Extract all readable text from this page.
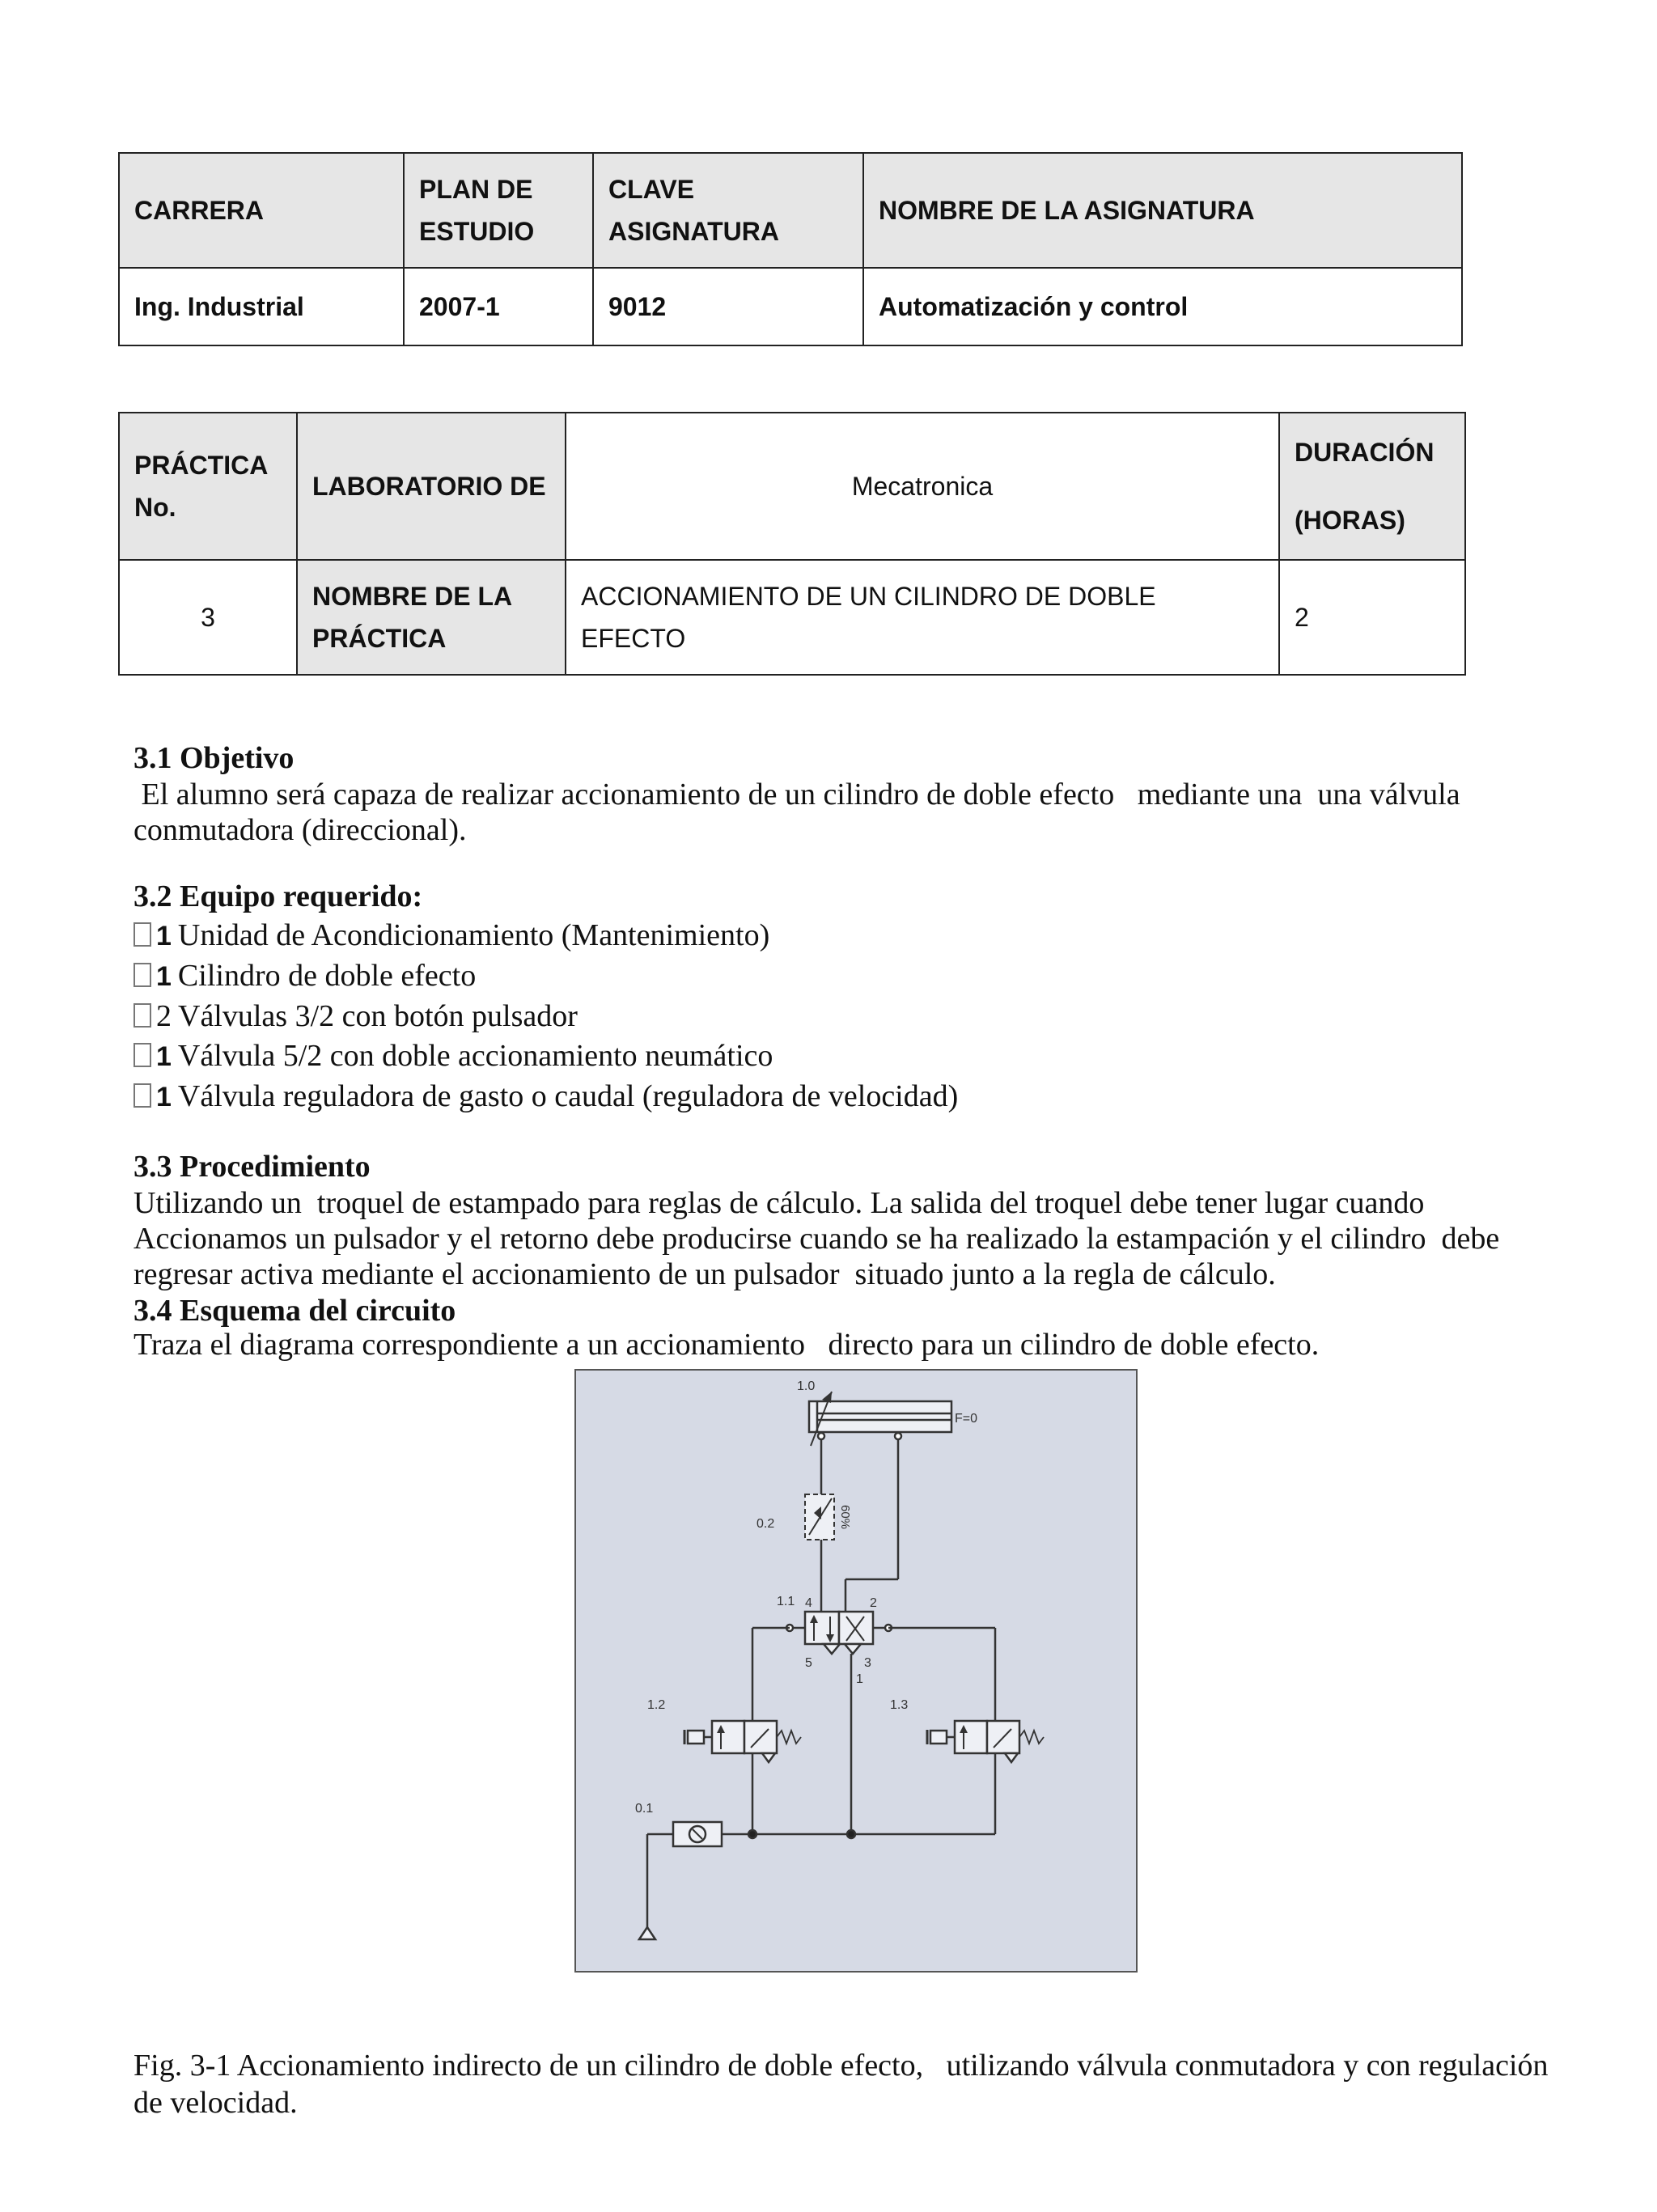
CARRERA	PLAN DE ESTUDIO	CLAVE ASIGNATURA	NOMBRE DE LA ASIGNATURA
Ing. Industrial	2007-1	9012	Automatización y control
PRÁCTICA No.	LABORATORIO DE	Mecatronica	DURACIÓN
(HORAS)

3	NOMBRE DE LA PRÁCTICA	ACCIONAMIENTO DE UN CILINDRO DE DOBLE EFECTO	2
3.1 Objetivo

El alumno será capaza de realizar accionamiento de un cilindro de doble efecto   mediante una  una válvula conmutadora (direccional).

3.2 Equipo requerido:
1 Unidad de Acondicionamiento (Mantenimiento)
1 Cilindro de doble efecto
2 Válvulas 3/2 con botón pulsador
1 Válvula 5/2 con doble accionamiento neumático
1 Válvula reguladora de gasto o caudal (reguladora de velocidad)
3.3 Procedimiento

Utilizando un  troquel de estampado para reglas de cálculo. La salida del troquel debe tener lugar cuando Accionamos un pulsador y el retorno debe producirse cuando se ha realizado la estampación y el cilindro  debe regresar activa mediante el accionamiento de un pulsador  situado junto a la regla de cálculo.

3.4 Esquema del circuito

Traza el diagrama correspondiente a un accionamiento   directo para un cilindro de doble efecto.

F=0
1.0
0.2	60%
1.1 4	2
5	3
1
1.2	1.3
0.1

Fig. 3-1 Accionamiento indirecto de un cilindro de doble efecto,   utilizando válvula conmutadora y con regulación de velocidad.
